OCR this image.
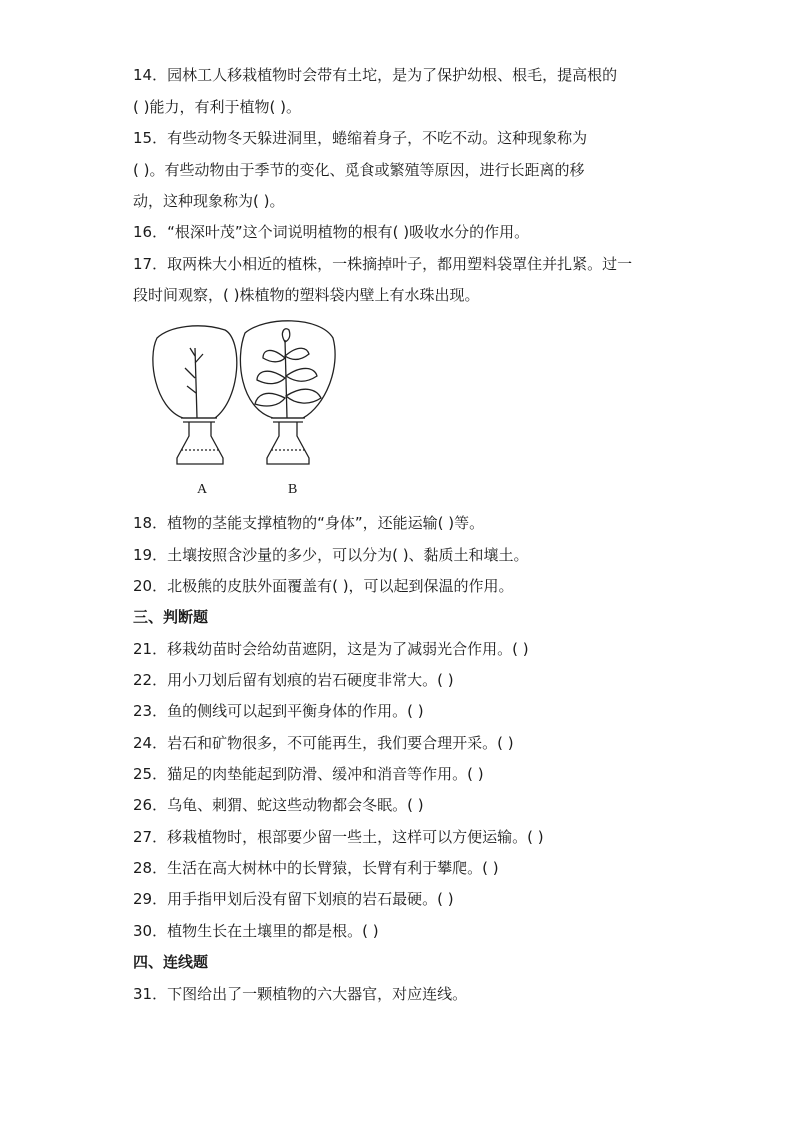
14．园林工人移栽植物时会带有土坨，是为了保护幼根、根毛，提高根的
( )能力，有利于植物( )。
15．有些动物冬天躲进洞里，蜷缩着身子，不吃不动。这种现象称为
( )。有些动物由于季节的变化、觅食或繁殖等原因，进行长距离的移
动，这种现象称为( )。
16．“根深叶茂”这个词说明植物的根有( )吸收水分的作用。
17．取两株大小相近的植株，一株摘掉叶子，都用塑料袋罩住并扎紧。过一
段时间观察，( )株植物的塑料袋内壁上有水珠出现。
A	B
18．植物的茎能支撑植物的“身体”，还能运输( )等。
19．土壤按照含沙量的多少，可以分为( )、黏质土和壤土。
20．北极熊的皮肤外面覆盖有( )，可以起到保温的作用。
三、判断题
21．移栽幼苗时会给幼苗遮阴，这是为了减弱光合作用。( )
22．用小刀划后留有划痕的岩石硬度非常大。( )
23．鱼的侧线可以起到平衡身体的作用。( )
24．岩石和矿物很多，不可能再生，我们要合理开采。( )
25．猫足的肉垫能起到防滑、缓冲和消音等作用。( )
26．乌龟、刺猬、蛇这些动物都会冬眠。( )
27．移栽植物时，根部要少留一些土，这样可以方便运输。( )
28．生活在高大树林中的长臂猿，长臂有利于攀爬。( )
29．用手指甲划后没有留下划痕的岩石最硬。( )
30．植物生长在土壤里的都是根。( )
四、连线题
31．下图给出了一颗植物的六大器官，对应连线。
